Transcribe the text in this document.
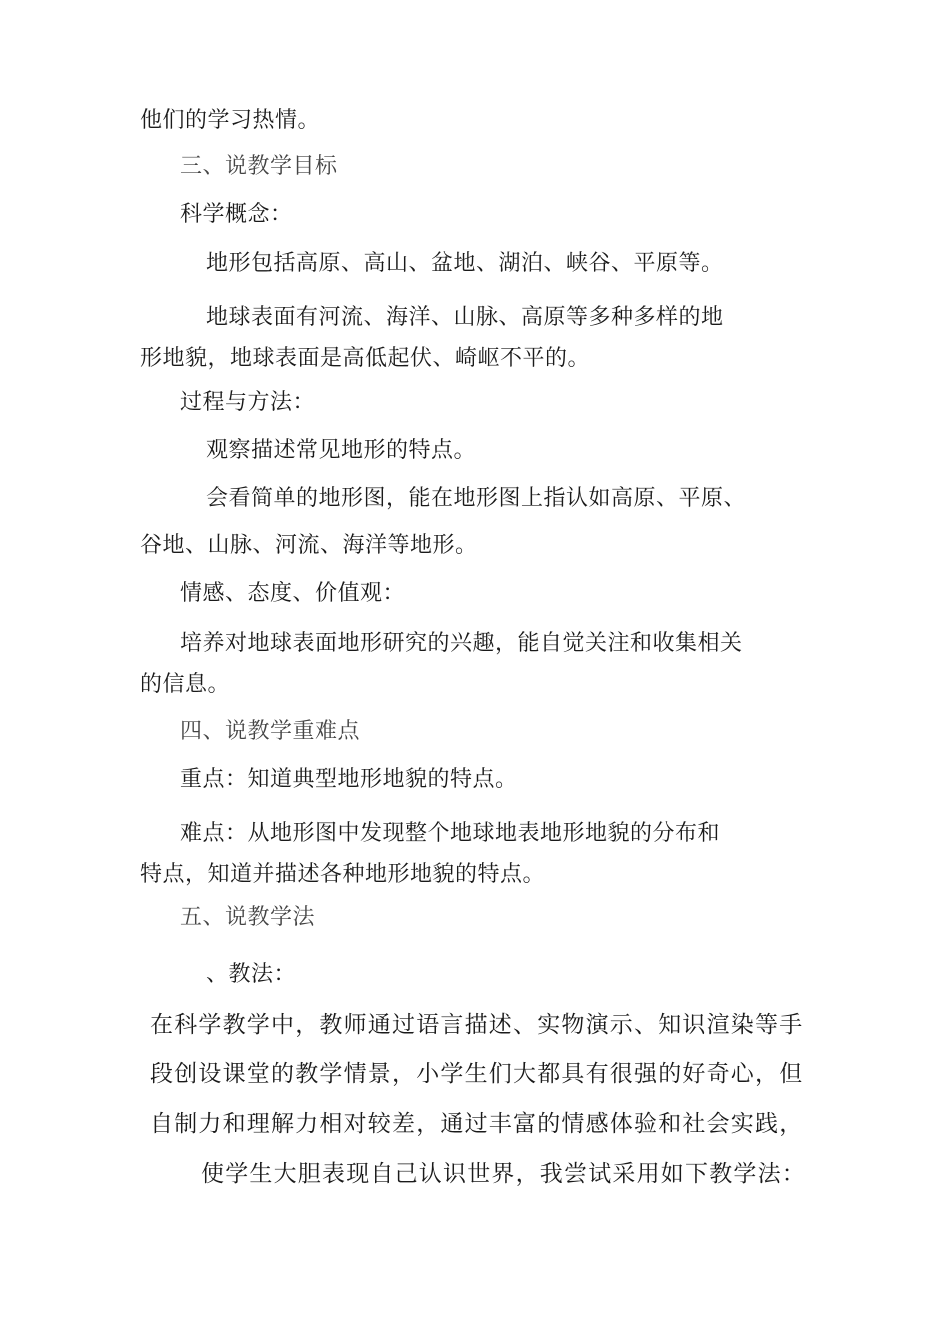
他们的学习热情。
三、说教学目标
科学概念：
地形包括高原、高山、盆地、湖泊、峡谷、平原等。
地球表面有河流、海洋、山脉、高原等多种多样的地
形地貌，地球表面是高低起伏、崎岖不平的。
过程与方法：
观察描述常见地形的特点。
会看简单的地形图，能在地形图上指认如高原、平原、
谷地、山脉、河流、海洋等地形。
情感、态度、价值观：
培养对地球表面地形研究的兴趣，能自觉关注和收集相关
的信息。
四、说教学重难点
重点：知道典型地形地貌的特点。
难点：从地形图中发现整个地球地表地形地貌的分布和
特点，知道并描述各种地形地貌的特点。
五、说教学法
、教法：
在科学教学中，教师通过语言描述、实物演示、知识渲染等手
段创设课堂的教学情景，小学生们大都具有很强的好奇心，但
自制力和理解力相对较差，通过丰富的情感体验和社会实践，
使学生大胆表现自己认识世界，我尝试采用如下教学法：
